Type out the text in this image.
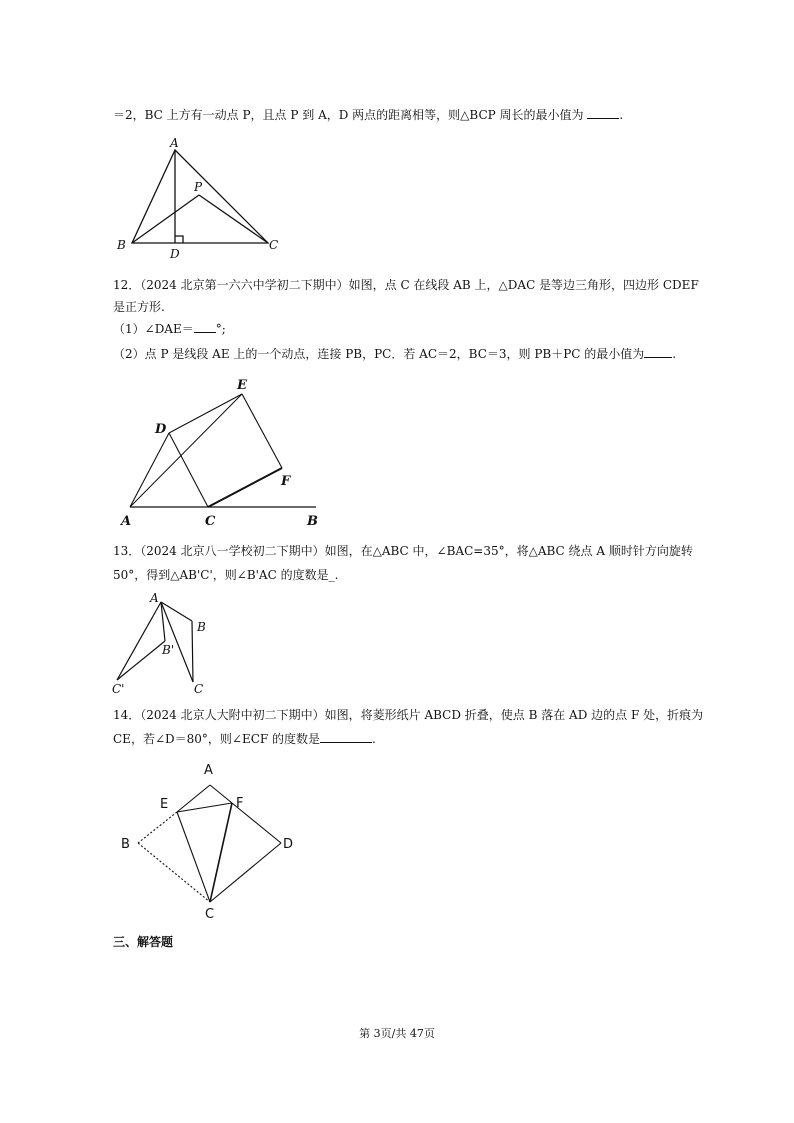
＝2，BC 上方有一动点 P，且点 P 到 A，D 两点的距离相等，则△BCP 周长的最小值为	.
A
P
B	C
D
12．（2024 北京第一六六中学初二下期中）如图，点 C 在线段 AB 上，△DAC 是等边三角形，四边形 CDEF
是正方形.
（1）∠DAE＝ °;
（2）点 P 是线段 AE 上的一个动点，连接 PB，PC．若 AC＝2，BC＝3，则 PB＋PC 的最小值为 .
E
D
F
A	C	B
13．（2024 北京八一学校初二下期中）如图，在△ABC 中，∠BAC=35°，将△ABC 绕点 A 顺时针方向旋转
50°，得到△AB'C'，则∠B'AC 的度数是_.
A
B
B'
C'	C
14．（2024 北京人大附中初二下期中）如图，将菱形纸片 ABCD 折叠，使点 B 落在 AD 边的点 F 处，折痕为
CE，若∠D＝80°，则∠ECF 的度数是	.
A
E	F
B	D
C
三、解答题
第 3页/共 47页
